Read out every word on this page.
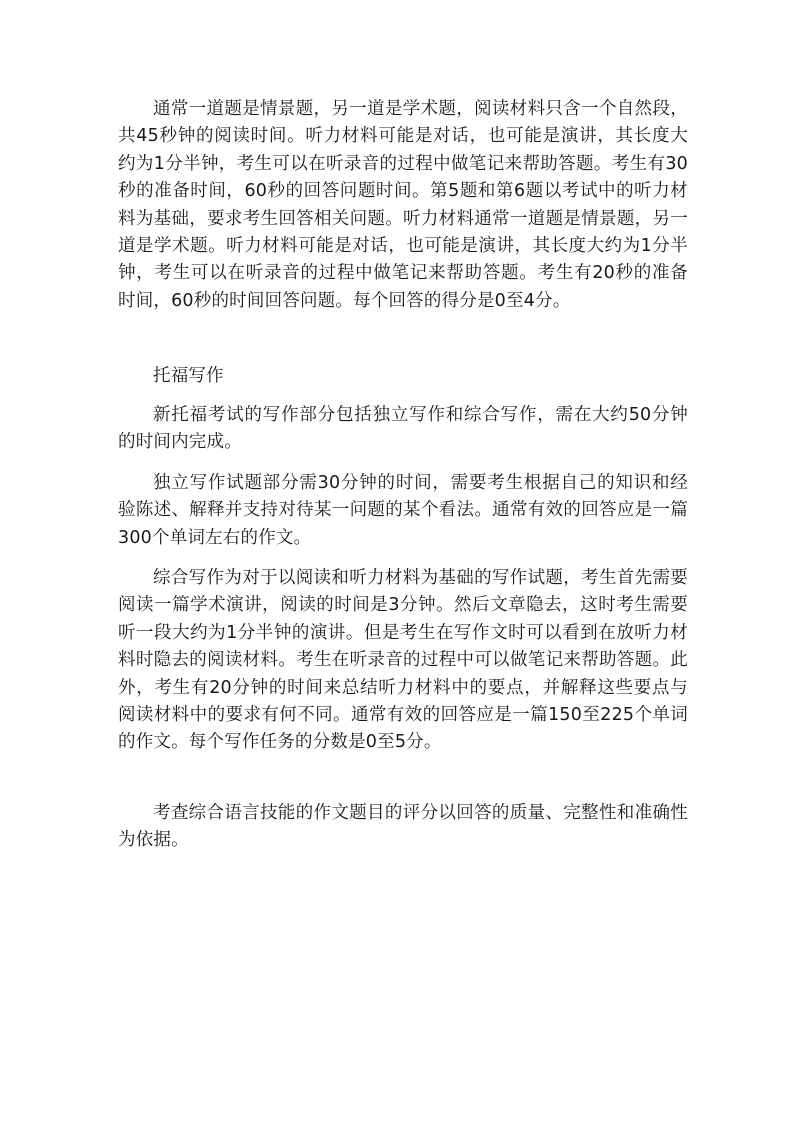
通常一道题是情景题，另一道是学术题，阅读材料只含一个自然段，共45秒钟的阅读时间。听力材料可能是对话，也可能是演讲，其长度大约为1分半钟，考生可以在听录音的过程中做笔记来帮助答题。考生有30秒的准备时间，60秒的回答问题时间。第5题和第6题以考试中的听力材料为基础，要求考生回答相关问题。听力材料通常一道题是情景题，另一道是学术题。听力材料可能是对话，也可能是演讲，其长度大约为1分半钟，考生可以在听录音的过程中做笔记来帮助答题。考生有20秒的准备时间，60秒的时间回答问题。每个回答的得分是0至4分。

托福写作

新托福考试的写作部分包括独立写作和综合写作，需在大约50分钟的时间内完成。

独立写作试题部分需30分钟的时间，需要考生根据自己的知识和经验陈述、解释并支持对待某一问题的某个看法。通常有效的回答应是一篇300个单词左右的作文。

综合写作为对于以阅读和听力材料为基础的写作试题，考生首先需要阅读一篇学术演讲，阅读的时间是3分钟。然后文章隐去，这时考生需要听一段大约为1分半钟的演讲。但是考生在写作文时可以看到在放听力材料时隐去的阅读材料。考生在听录音的过程中可以做笔记来帮助答题。此外，考生有20分钟的时间来总结听力材料中的要点，并解释这些要点与阅读材料中的要求有何不同。通常有效的回答应是一篇150至225个单词的作文。每个写作任务的分数是0至5分。

考查综合语言技能的作文题目的评分以回答的质量、完整性和准确性为依据。
